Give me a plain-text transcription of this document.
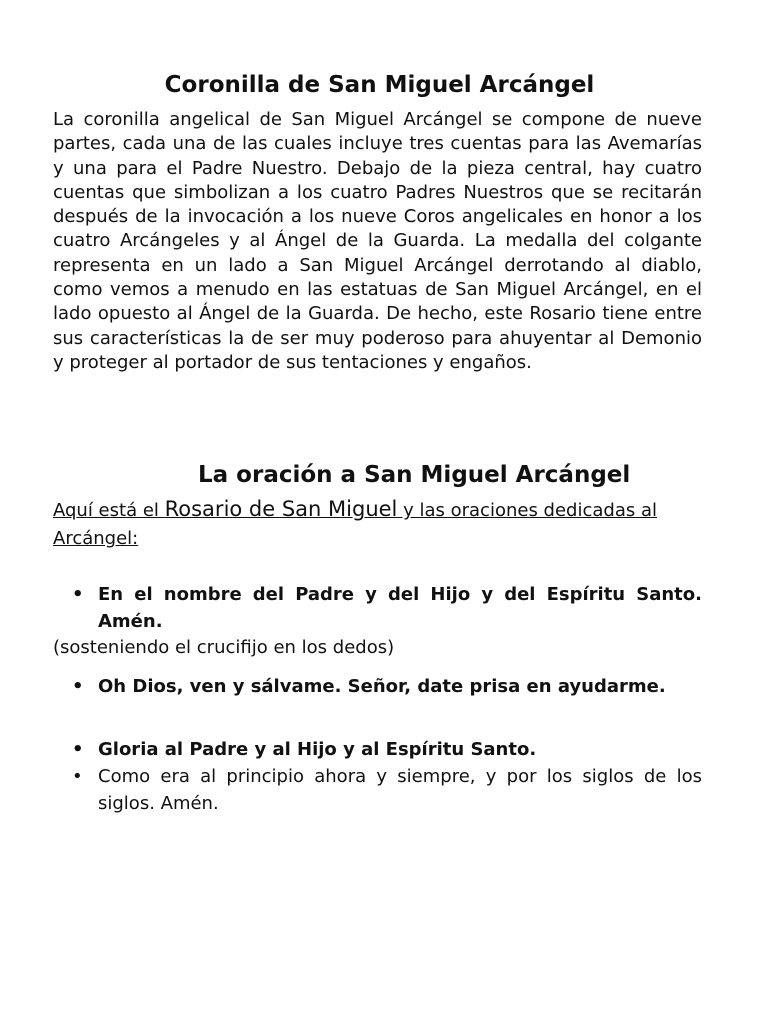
Coronilla de San Miguel Arcángel

La coronilla angelical de San Miguel Arcángel se compone de nueve partes, cada una de las cuales incluye tres cuentas para las Avemarías y una para el Padre Nuestro. Debajo de la pieza central, hay cuatro cuentas que simbolizan a los cuatro Padres Nuestros que se recitarán después de la invocación a los nueve Coros angelicales en honor a los cuatro Arcángeles y al Ángel de la Guarda. La medalla del colgante representa en un lado a San Miguel Arcángel derrotando al diablo, como vemos a menudo en las estatuas de San Miguel Arcángel, en el lado opuesto al Ángel de la Guarda. De hecho, este Rosario tiene entre sus características la de ser muy poderoso para ahuyentar al Demonio y proteger al portador de sus tentaciones y engaños.

La oración a San Miguel Arcángel

Aquí está el Rosario de San Miguel y las oraciones dedicadas al Arcángel:

• En el nombre del Padre y del Hijo y del Espíritu Santo. Amén.

(sosteniendo el crucifijo en los dedos)

• Oh Dios, ven y sálvame. Señor, date prisa en ayudarme.
• Gloria al Padre y al Hijo y al Espíritu Santo.
• Como era al principio ahora y siempre, y por los siglos de los siglos. Amén.
